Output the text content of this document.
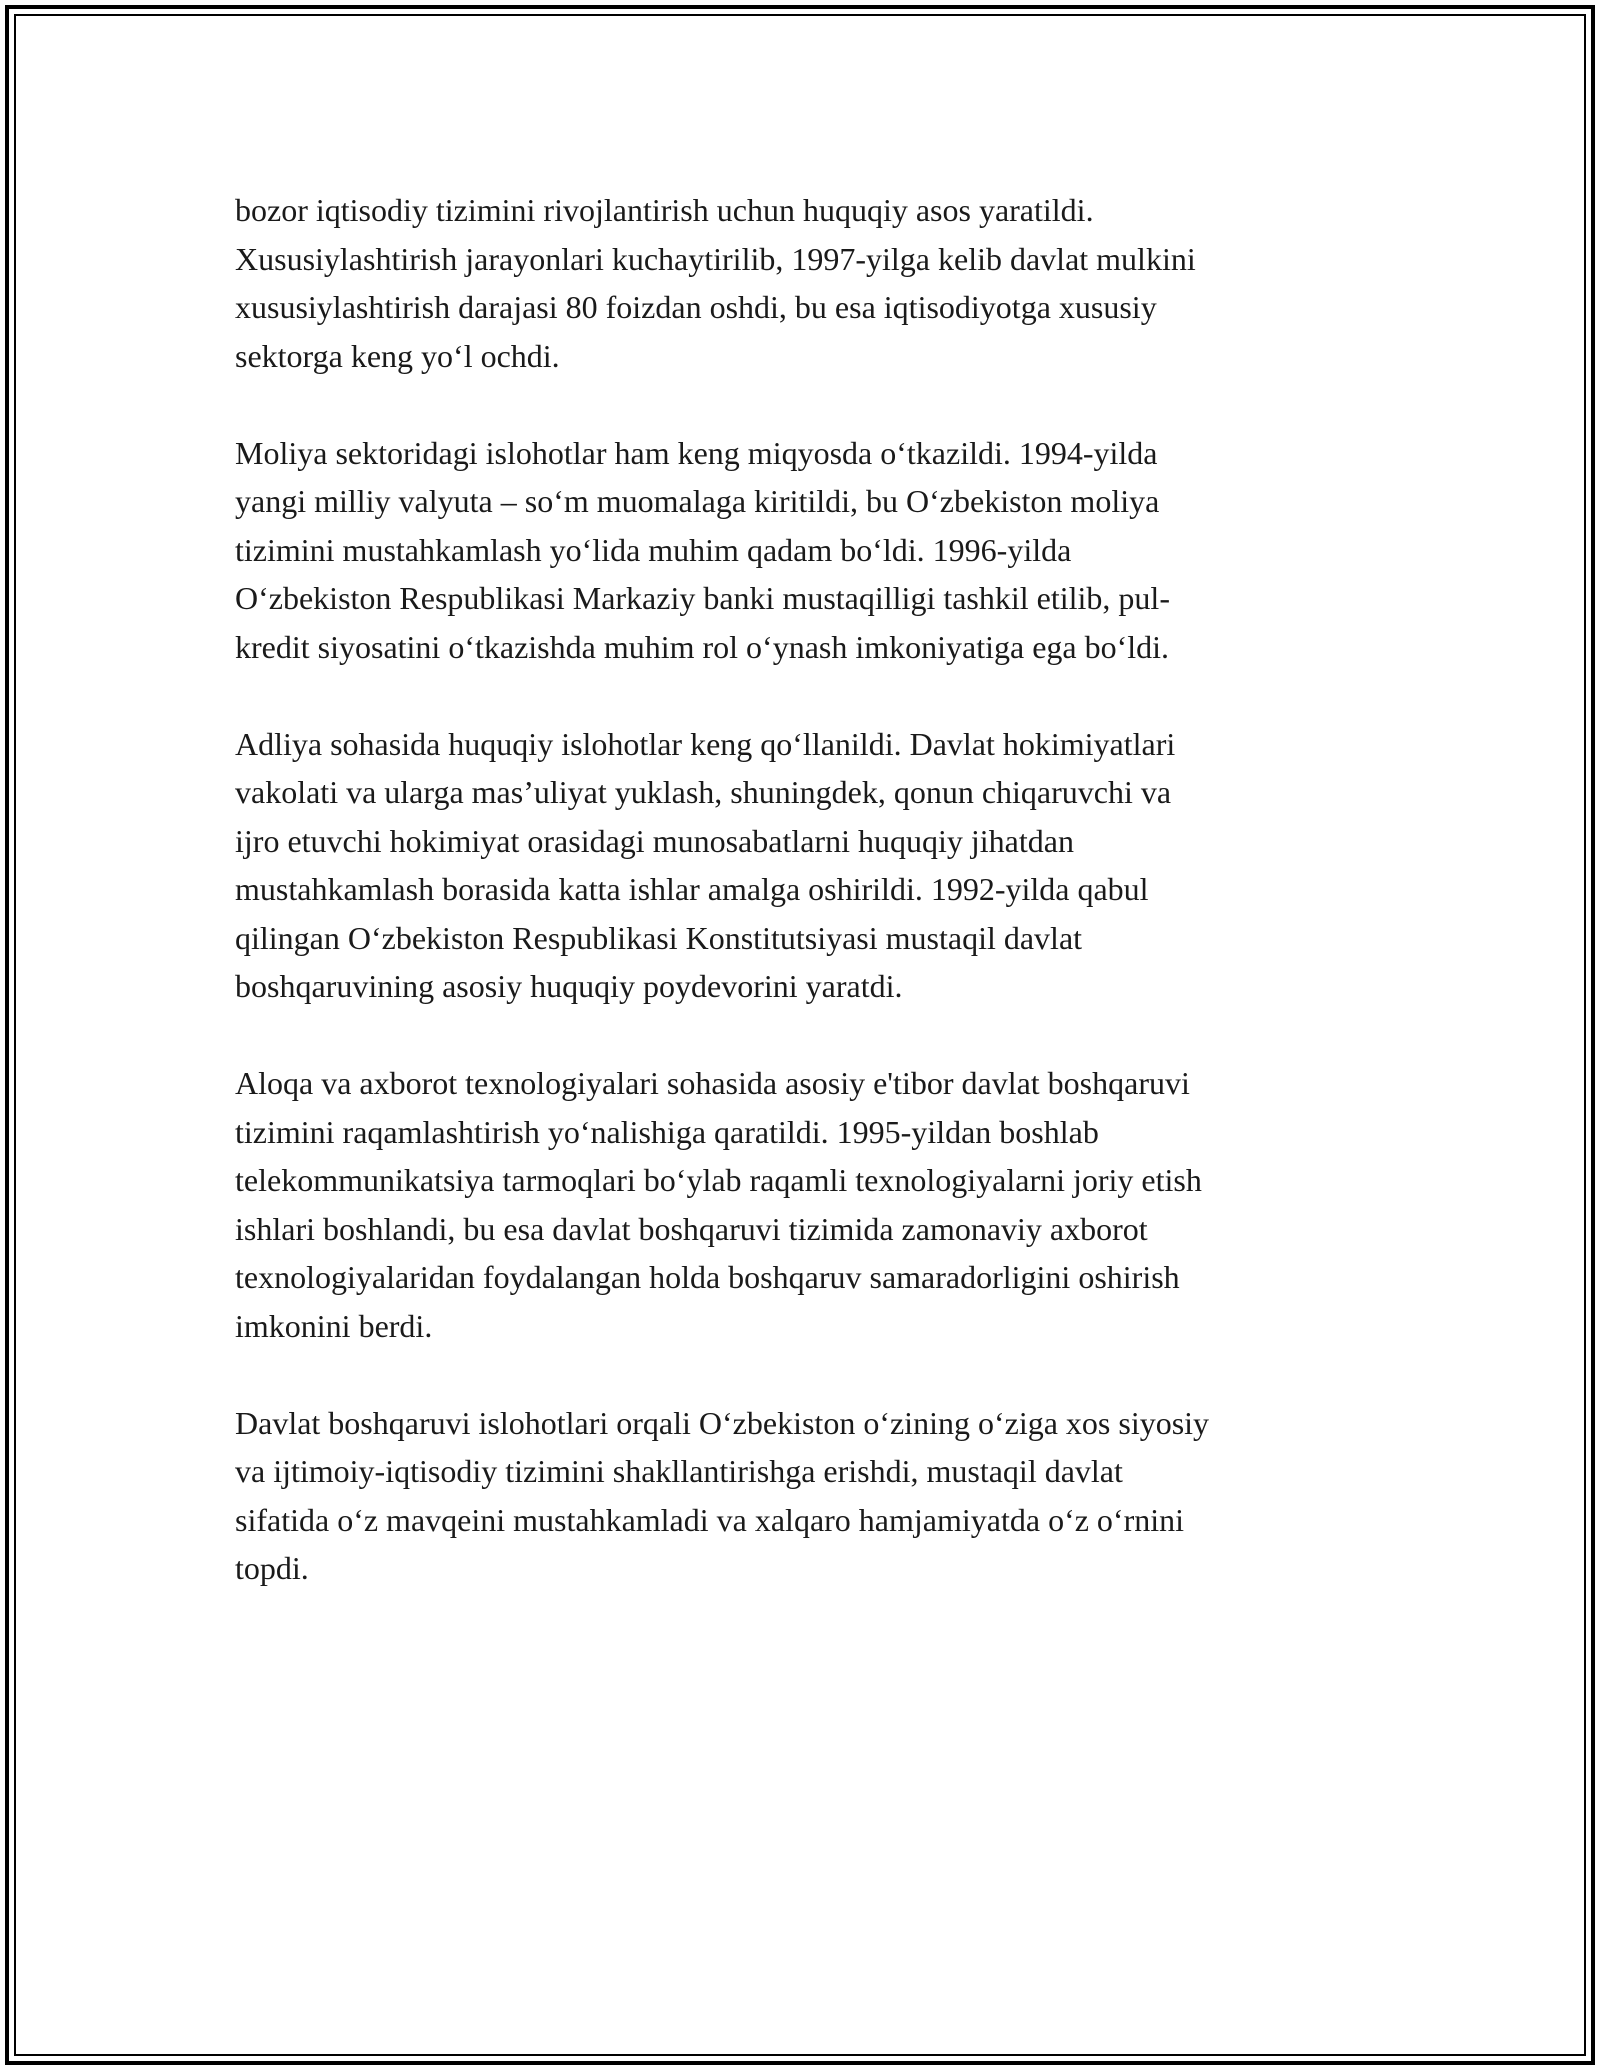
bozor iqtisodiy tizimini rivojlantirish uchun huquqiy asos yaratildi.
Xususiylashtirish jarayonlari kuchaytirilib, 1997-yilga kelib davlat mulkini
xususiylashtirish darajasi 80 foizdan oshdi, bu esa iqtisodiyotga xususiy
sektorga keng yo‘l ochdi.

Moliya sektoridagi islohotlar ham keng miqyosda o‘tkazildi. 1994-yilda
yangi milliy valyuta – so‘m muomalaga kiritildi, bu O‘zbekiston moliya
tizimini mustahkamlash yo‘lida muhim qadam bo‘ldi. 1996-yilda
O‘zbekiston Respublikasi Markaziy banki mustaqilligi tashkil etilib, pul-
kredit siyosatini o‘tkazishda muhim rol o‘ynash imkoniyatiga ega bo‘ldi.

Adliya sohasida huquqiy islohotlar keng qo‘llanildi. Davlat hokimiyatlari
vakolati va ularga mas’uliyat yuklash, shuningdek, qonun chiqaruvchi va
ijro etuvchi hokimiyat orasidagi munosabatlarni huquqiy jihatdan
mustahkamlash borasida katta ishlar amalga oshirildi. 1992-yilda qabul
qilingan O‘zbekiston Respublikasi Konstitutsiyasi mustaqil davlat
boshqaruvining asosiy huquqiy poydevorini yaratdi.

Aloqa va axborot texnologiyalari sohasida asosiy e'tibor davlat boshqaruvi
tizimini raqamlashtirish yo‘nalishiga qaratildi. 1995-yildan boshlab
telekommunikatsiya tarmoqlari bo‘ylab raqamli texnologiyalarni joriy etish
ishlari boshlandi, bu esa davlat boshqaruvi tizimida zamonaviy axborot
texnologiyalaridan foydalangan holda boshqaruv samaradorligini oshirish
imkonini berdi.

Davlat boshqaruvi islohotlari orqali O‘zbekiston o‘zining o‘ziga xos siyosiy
va ijtimoiy-iqtisodiy tizimini shakllantirishga erishdi, mustaqil davlat
sifatida o‘z mavqeini mustahkamladi va xalqaro hamjamiyatda o‘z o‘rnini
topdi.
